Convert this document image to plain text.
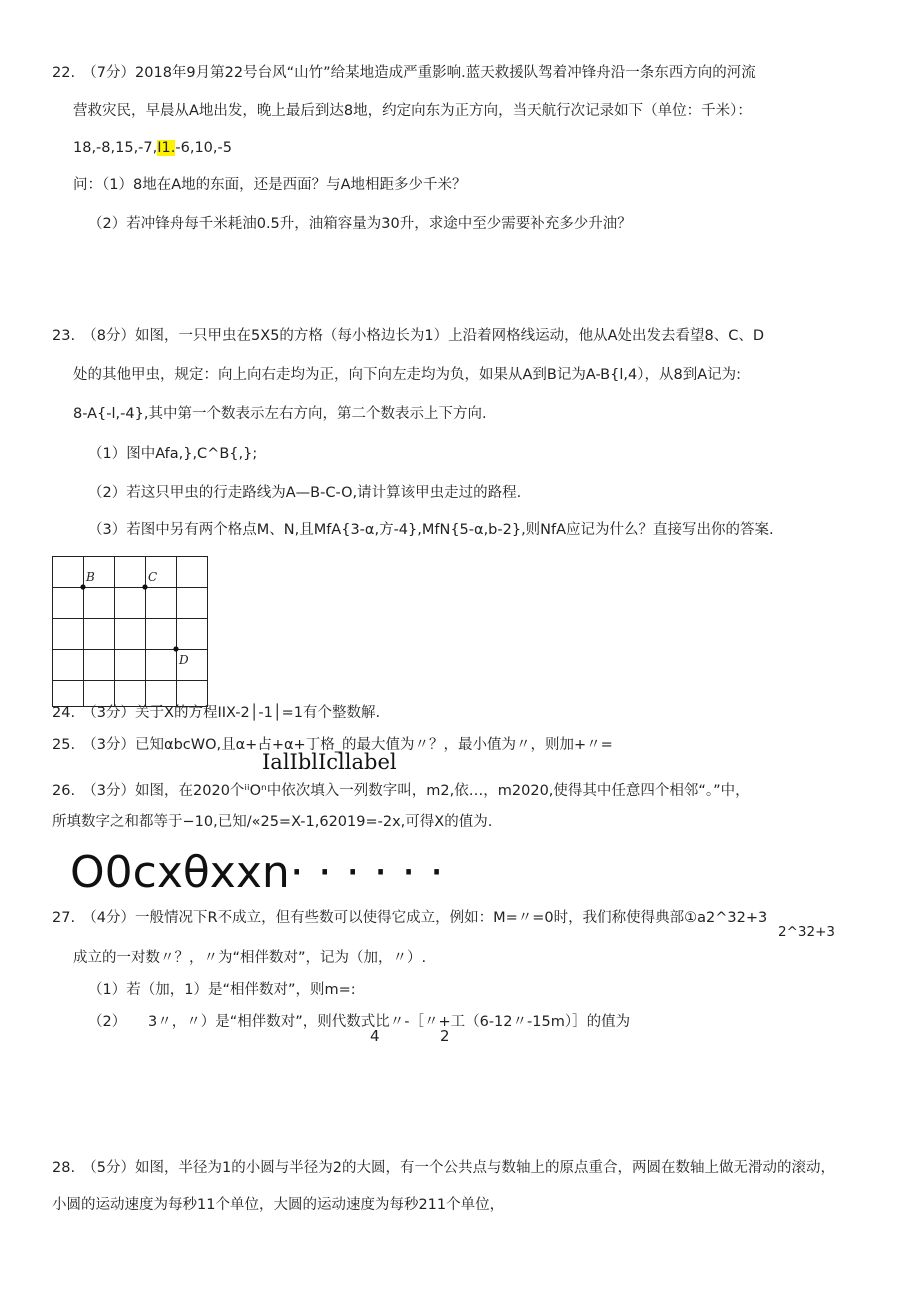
22.　（7分）2018年9月第22号台风“山竹”给某地造成严重影响.蓝天救援队驾着冲锋舟沿一条东西方向的河流
营救灾民，早晨从A地出发，晚上最后到达8地，约定向东为正方向，当天航行次记录如下（单位：千米）：
18,-8,15,-7,I1.-6,10,-5
问：（1）8地在A地的东面，还是西面？与A地相距多少千米？
（2）若冲锋舟每千米耗油0.5升，油箱容量为30升，求途中至少需要补充多少升油？
23.　（8分）如图，一只甲虫在5X5的方格（每小格边长为1）上沿着网格线运动，他从A处出发去看望8、C、D
处的其他甲虫，规定：向上向右走均为正，向下向左走均为负，如果从A到B记为A-B{l,4），从8到A记为:
8-A{-l,-4},其中第一个数表示左右方向，第二个数表示上下方向.
（1）图中Afa,},C^B{,};
（2）若这只甲虫的行走路线为A—B-C-O,请计算该甲虫走过的路程.
（3）若图中另有两个格点M、N,且MfA{3-α,方-4},MfN{5-α,b-2},则NfA应记为什么？直接写出你的答案.
B	C
D
24.　（3分）关于X的方程IIX-2│-1│=1有个整数解.
25.　（3分）已知αbcWO,且α+占+α+丁格_的最大值为〃？，最小值为〃，则加+〃=
IalIblIcllabel
26.　（3分）如图，在2020个ⁱⁱOⁿ中依次填入一列数字叫，m2,依…，m2020,使得其中任意四个相邻“。”中，
所填数字之和都等于−10,已知/«25=X-1,62019=-2x,可得X的值为.
O0cxθxxn· · · · · ·
27.　（4分）一般情况下R不成立，但有些数可以使得它成立，例如：M=〃=0时，我们称使得典部①a2^32+3
2^32+3
成立的一对数〃？，〃为“相伴数对”，记为（加，〃）.
（1）若（加，1）是“相伴数对”，则m=:
（2）　　3〃，〃）是“相伴数对”，则代数式比〃-［〃+工（6-12〃-15m）］的值为
4	2
28.　（5分）如图，半径为1的小圆与半径为2的大圆，有一个公共点与数轴上的原点重合，两圆在数轴上做无滑动的滚动，
小圆的运动速度为每秒11个单位，大圆的运动速度为每秒211个单位，
